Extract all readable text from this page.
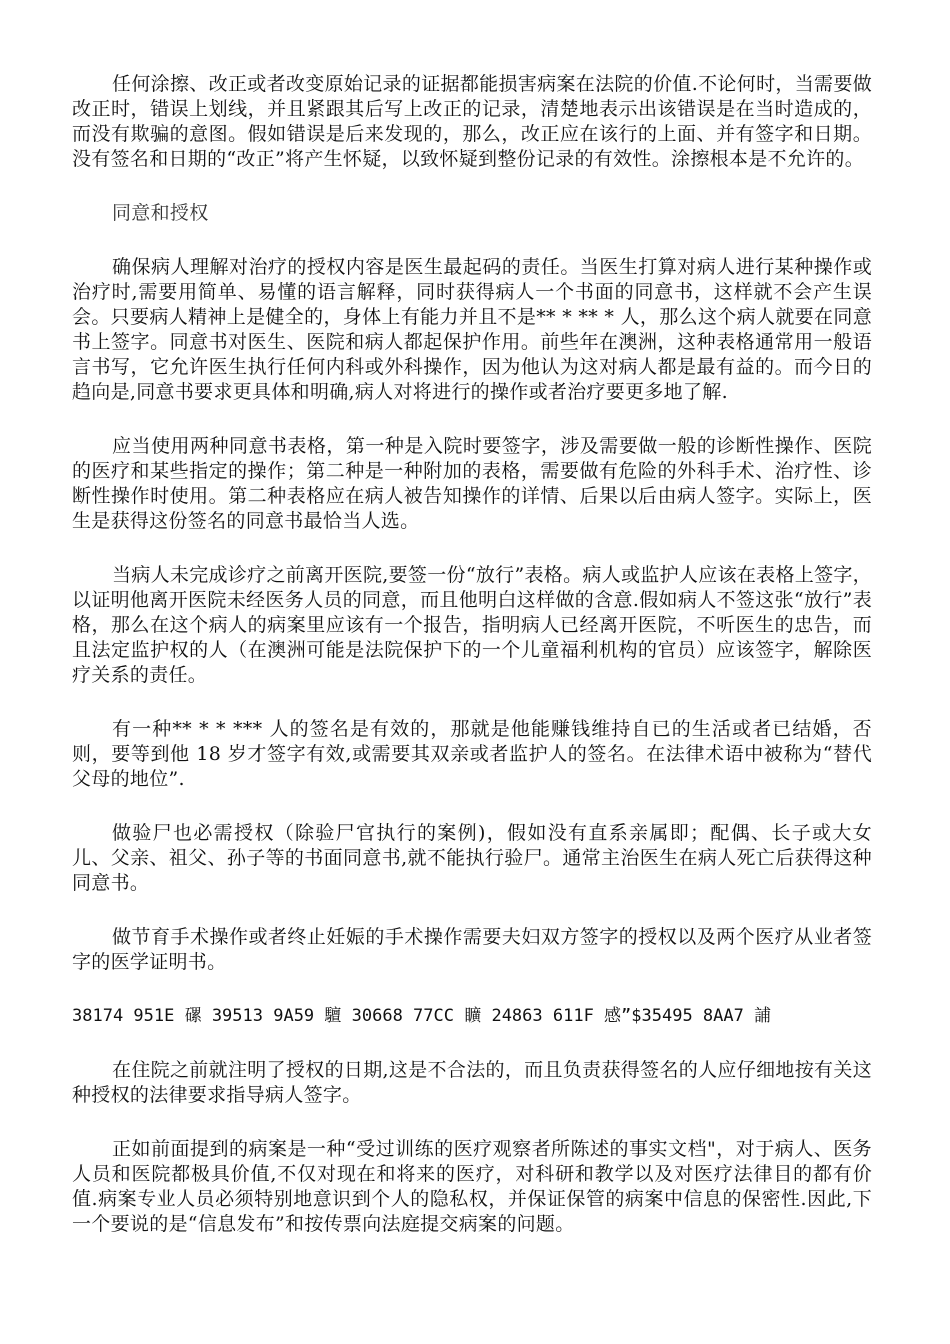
任何涂擦、改正或者改变原始记录的证据都能损害病案在法院的价值.不论何时，当需要做改正时，错误上划线，并且紧跟其后写上改正的记录，清楚地表示出该错误是在当时造成的，而没有欺骗的意图。假如错误是后来发现的，那么，改正应在该行的上面、并有签字和日期。没有签名和日期的“改正”将产生怀疑，以致怀疑到整份记录的有效性。涂擦根本是不允许的。

同意和授权

确保病人理解对治疗的授权内容是医生最起码的责任。当医生打算对病人进行某种操作或治疗时,需要用简单、易懂的语言解释，同时获得病人一个书面的同意书，这样就不会产生误会。只要病人精神上是健全的，身体上有能力并且不是** * ** * 人，那么这个病人就要在同意书上签字。同意书对医生、医院和病人都起保护作用。前些年在澳洲，这种表格通常用一般语言书写，它允许医生执行任何内科或外科操作，因为他认为这对病人都是最有益的。而今日的趋向是,同意书要求更具体和明确,病人对将进行的操作或者治疗要更多地了解.

应当使用两种同意书表格，第一种是入院时要签字，涉及需要做一般的诊断性操作、医院的医疗和某些指定的操作；第二种是一种附加的表格，需要做有危险的外科手术、治疗性、诊断性操作时使用。第二种表格应在病人被告知操作的详情、后果以后由病人签字。实际上，医生是获得这份签名的同意书最恰当人选。

当病人未完成诊疗之前离开医院,要签一份“放行”表格。病人或监护人应该在表格上签字，以证明他离开医院未经医务人员的同意，而且他明白这样做的含意.假如病人不签这张“放行”表格，那么在这个病人的病案里应该有一个报告，指明病人已经离开医院，不听医生的忠告，而且法定监护权的人（在澳洲可能是法院保护下的一个儿童福利机构的官员）应该签字，解除医疗关系的责任。

有一种** * * *** 人的签名是有效的，那就是他能赚钱维持自已的生活或者已结婚，否则，要等到他 18 岁才签字有效,或需要其双亲或者监护人的签名。在法律术语中被称为“替代父母的地位”.

做验尸也必需授权（除验尸官执行的案例)，假如没有直系亲属即；配偶、长子或大女儿、父亲、祖父、孙子等的书面同意书,就不能执行验尸。通常主治医生在病人死亡后获得这种同意书。

做节育手术操作或者终止妊娠的手术操作需要夫妇双方签字的授权以及两个医疗从业者签字的医学证明书。

38174 951E 磥 39513 9A59 驙 30668 77CC 矌 24863 611F 感”$35495 8AA7 誧

在住院之前就注明了授权的日期,这是不合法的，而且负责获得签名的人应仔细地按有关这种授权的法律要求指导病人签字。

正如前面提到的病案是一种“受过训练的医疗观察者所陈述的事实文档"，对于病人、医务人员和医院都极具价值,不仅对现在和将来的医疗，对科研和教学以及对医疗法律目的都有价值.病案专业人员必须特别地意识到个人的隐私权，并保证保管的病案中信息的保密性.因此,下一个要说的是“信息发布”和按传票向法庭提交病案的问题。
